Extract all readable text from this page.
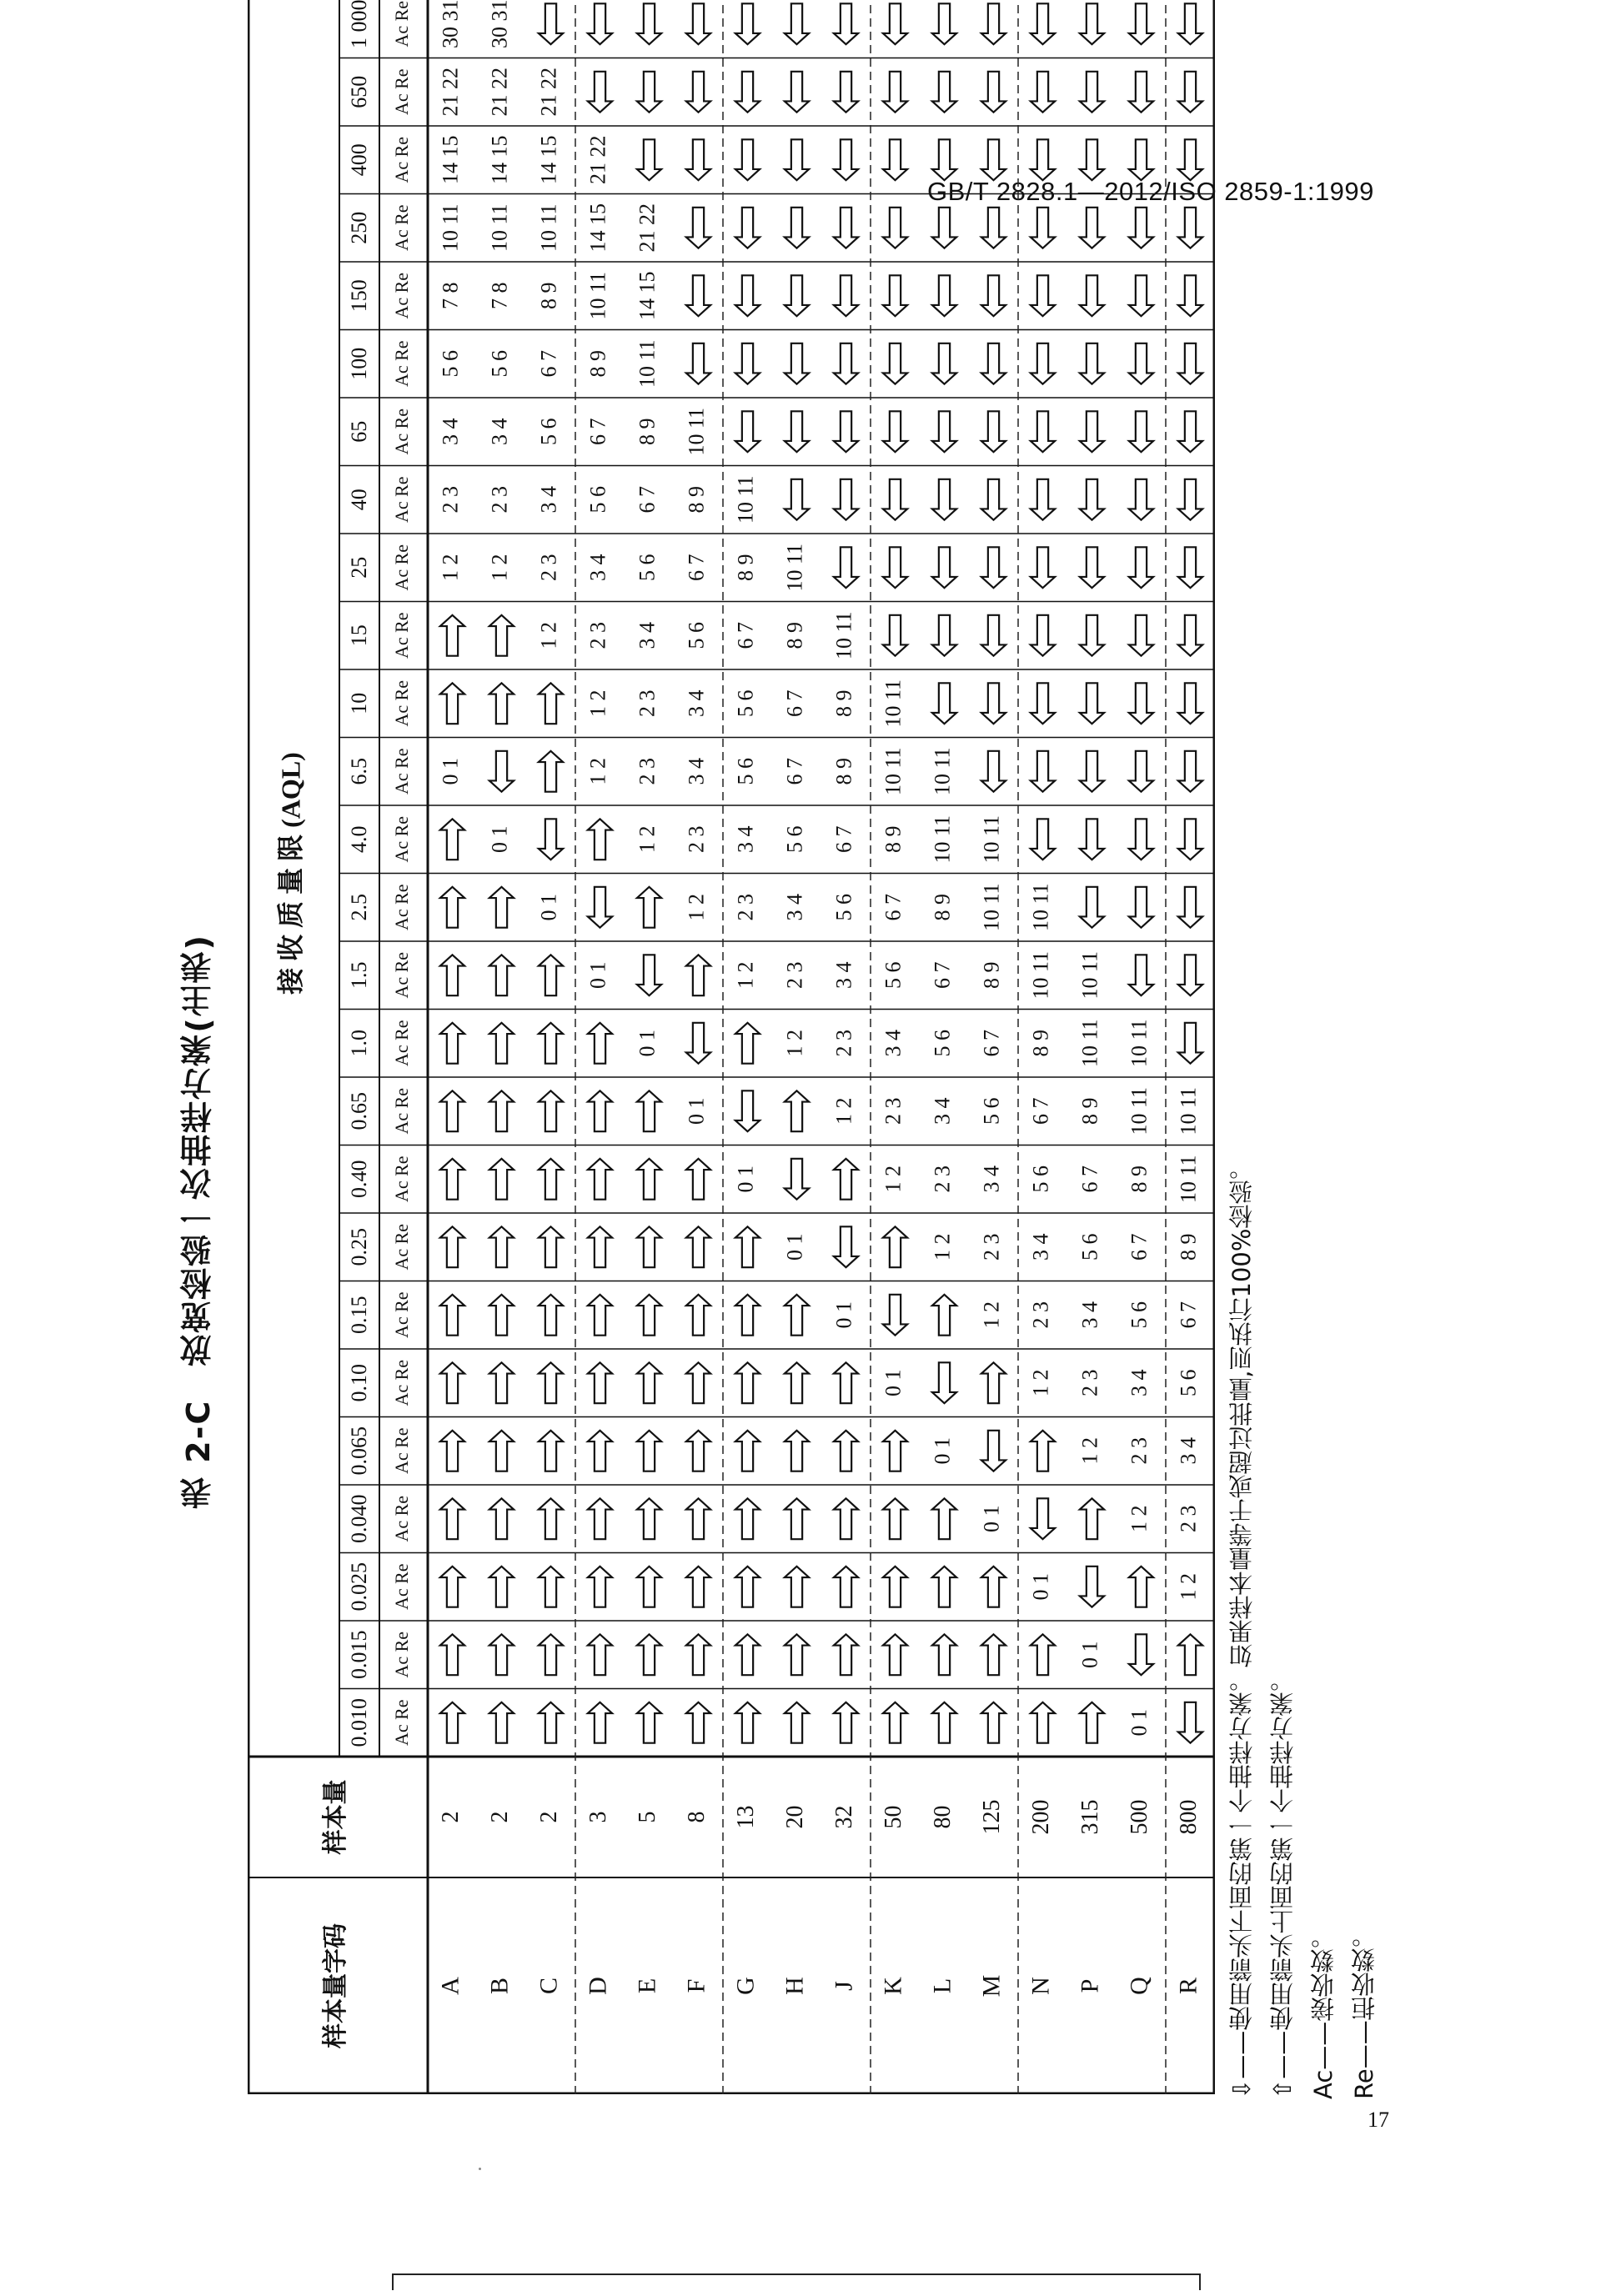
GB/T 2828.1—2012/ISO 2859-1:1999
表 2-C　放宽检验一次抽样方案(主表)
样本量字码
样本量
接 收 质 量 限 (AQL)
0.010 Ac Re
0.015 Ac Re
0.025 Ac Re
0.040 Ac Re
0.065 Ac Re
0.10 Ac Re
0.15 Ac Re
0.25 Ac Re
0.40 Ac Re
0.65 Ac Re
1.0 Ac Re
1.5 Ac Re
2.5 Ac Re
4.0 Ac Re
6.5 Ac Re
10 Ac Re
15 Ac Re
25 Ac Re
40 Ac Re
65 Ac Re
100 Ac Re
150 Ac Re
250 Ac Re
400 Ac Re
650 Ac Re
1 000 Ac Re
A
2
0 1
1 2
2 3
3 4
5 6
7 8
10 11
14 15
21 22
30 31
B
2
0 1
1 2
2 3
3 4
5 6
7 8
10 11
14 15
21 22
30 31
C
2
0 1
1 2
2 3
3 4
5 6
6 7
8 9
10 11
14 15
21 22
D
3
0 1
1 2
1 2
2 3
3 4
5 6
6 7
8 9
10 11
14 15
21 22
E
5
0 1
1 2
2 3
2 3
3 4
5 6
6 7
8 9
10 11
14 15
21 22
F
8
0 1
1 2
2 3
3 4
3 4
5 6
6 7
8 9
10 11
G
13
0 1
1 2
2 3
3 4
5 6
5 6
6 7
8 9
10 11
H
20
0 1
1 2
2 3
3 4
5 6
6 7
6 7
8 9
10 11
J
32
0 1
1 2
2 3
3 4
5 6
6 7
8 9
8 9
10 11
K
50
0 1
1 2
2 3
3 4
5 6
6 7
8 9
10 11
10 11
L
80
0 1
1 2
2 3
3 4
5 6
6 7
8 9
10 11
10 11
M
125
0 1
1 2
2 3
3 4
5 6
6 7
8 9
10 11
10 11
N
200
0 1
1 2
2 3
3 4
5 6
6 7
8 9
10 11
10 11
P
315
0 1
1 2
2 3
3 4
5 6
6 7
8 9
10 11
10 11
Q
500
0 1
1 2
2 3
3 4
5 6
6 7
8 9
10 11
10 11
R
800
1 2
2 3
3 4
5 6
6 7
8 9
10 11
10 11
⇩——使用箭头下面的第一个抽样方案。如果样本量等于或超过批量,则执行100%检验。 ⇧——使用箭头上面的第一个抽样方案。 Ac——接收数。 Re——拒收数。
17
